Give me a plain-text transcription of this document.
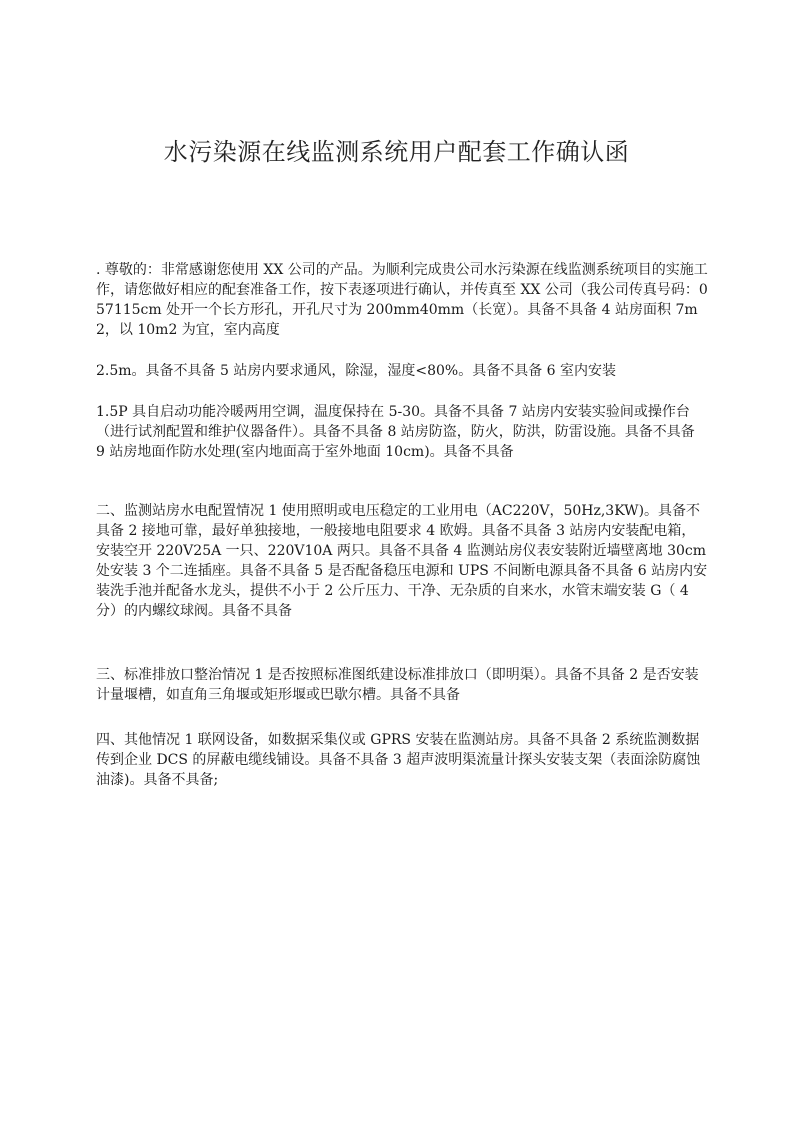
水污染源在线监测系统用户配套工作确认函
. 尊敬的：非常感谢您使用 XX 公司的产品。为顺利完成贵公司水污染源在线监测系统项目的实施工作，请您做好相应的配套准备工作，按下表逐项进行确认，并传真至 XX 公司（我公司传真号码：057115cm 处开一个长方形孔，开孔尺寸为 200mm40mm（长宽）。具备不具备 4 站房面积 7m2，以 10m2 为宜，室内高度
2.5m。具备不具备 5 站房内要求通风，除湿，湿度<80%。具备不具备 6 室内安装
1.5P 具自启动功能冷暖两用空调，温度保持在 5-30。具备不具备 7 站房内安装实验间或操作台（进行试剂配置和维护仪器备件）。具备不具备 8 站房防盗，防火，防洪，防雷设施。具备不具备 9 站房地面作防水处理(室内地面高于室外地面 10cm)。具备不具备
二、监测站房水电配置情况 1 使用照明或电压稳定的工业用电（AC220V，50Hz,3KW)。具备不具备 2 接地可靠，最好单独接地，一般接地电阻要求 4 欧姆。具备不具备 3 站房内安装配电箱，安装空开 220V25A 一只、220V10A 两只。具备不具备 4 监测站房仪表安装附近墙壁离地 30cm 处安装 3 个二连插座。具备不具备 5 是否配备稳压电源和 UPS 不间断电源具备不具备 6 站房内安装洗手池并配备水龙头，提供不小于 2 公斤压力、干净、无杂质的自来水，水管末端安装 G（ 4 分）的内螺纹球阀。具备不具备
三、标准排放口整治情况 1 是否按照标准图纸建设标准排放口（即明渠）。具备不具备 2 是否安装计量堰槽，如直角三角堰或矩形堰或巴歇尔槽。具备不具备
四、其他情况 1 联网设备，如数据采集仪或 GPRS 安装在监测站房。具备不具备 2 系统监测数据传到企业 DCS 的屏蔽电缆线铺设。具备不具备 3 超声波明渠流量计探头安装支架（表面涂防腐蚀油漆)。具备不具备;
